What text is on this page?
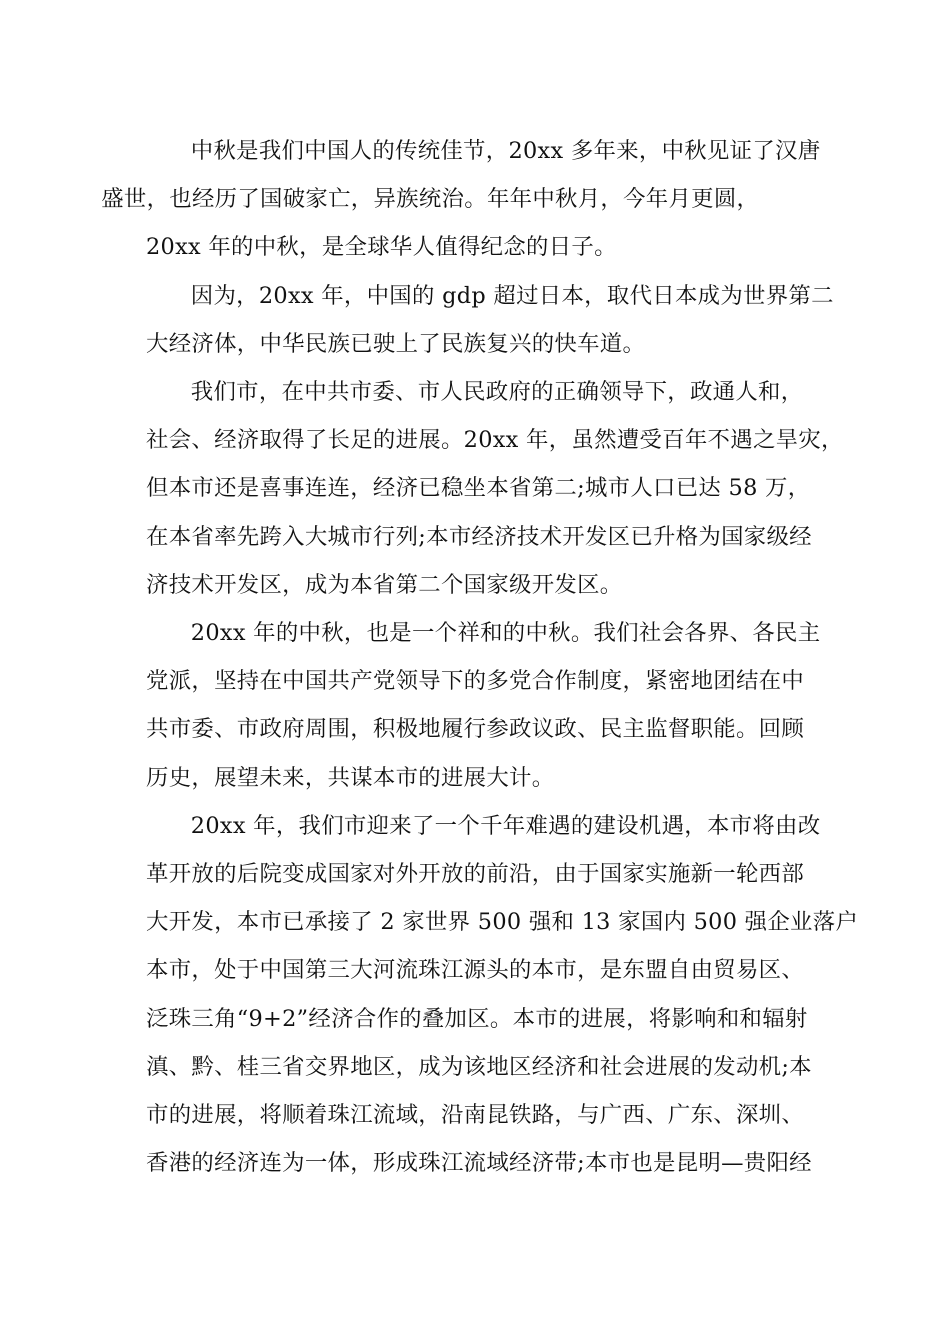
中秋是我们中国人的传统佳节，20xx 多年来，中秋见证了汉唐
盛世，也经历了国破家亡，异族统治。年年中秋月，今年月更圆，
20xx 年的中秋，是全球华人值得纪念的日子。

因为，20xx 年，中国的 gdp 超过日本，取代日本成为世界第二
大经济体，中华民族已驶上了民族复兴的快车道。

我们市，在中共市委、市人民政府的正确领导下，政通人和，
社会、经济取得了长足的进展。20xx 年，虽然遭受百年不遇之旱灾，
但本市还是喜事连连，经济已稳坐本省第二;城市人口已达 58 万，
在本省率先跨入大城市行列;本市经济技术开发区已升格为国家级经
济技术开发区，成为本省第二个国家级开发区。

20xx 年的中秋，也是一个祥和的中秋。我们社会各界、各民主
党派，坚持在中国共产党领导下的多党合作制度，紧密地团结在中
共市委、市政府周围，积极地履行参政议政、民主监督职能。回顾
历史，展望未来，共谋本市的进展大计。

20xx 年，我们市迎来了一个千年难遇的建设机遇，本市将由改
革开放的后院变成国家对外开放的前沿，由于国家实施新一轮西部
大开发，本市已承接了 2 家世界 500 强和 13 家国内 500 强企业落户
本市，处于中国第三大河流珠江源头的本市，是东盟自由贸易区、
泛珠三角“9+2”经济合作的叠加区。本市的进展，将影响和和辐射
滇、黔、桂三省交界地区，成为该地区经济和社会进展的发动机;本
市的进展，将顺着珠江流域，沿南昆铁路，与广西、广东、深圳、
香港的经济连为一体，形成珠江流域经济带;本市也是昆明—贵阳经
